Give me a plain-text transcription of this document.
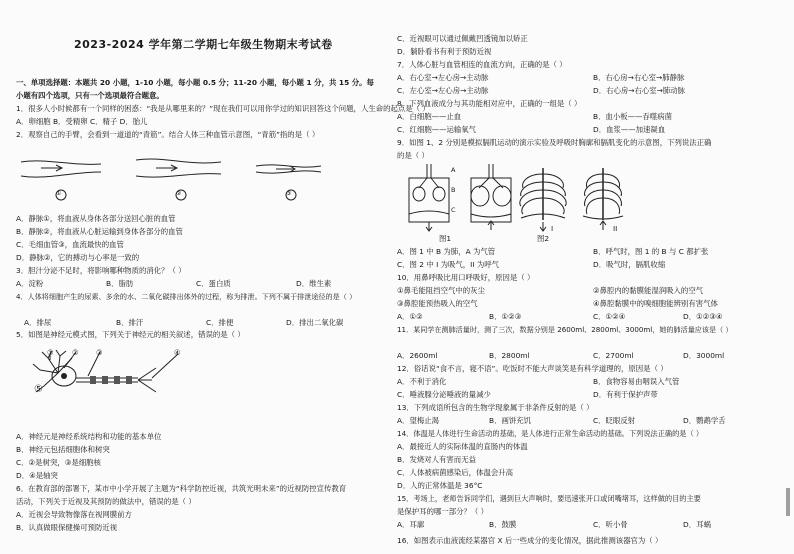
2023-2024 学年第二学期七年级生物期末考试卷
一、单项选择题：本题共 20 小题，1-10 小题，每小题 0.5 分；11-20 小题，每小题 1 分，共 15 分。每
小题有四个选项，只有一个选项最符合题意。
1．很多人小时候都有一个同样的困惑：“我是从哪里来的？”现在我们可以用你学过的知识回答这个问题，人生命的起点是（ ）
A．卵细胞 B．受精卵 C．精子 D．胎儿
2．观察自己的手臂，会看到一道道的“青筋”。结合人体三种血管示意图，“青筋”指的是（ ）
①	②	③
A．静脉①，将血液从身体各部分送回心脏的血管
B．静脉②，将血液从心脏运输到身体各部分的血管
C．毛细血管③，血流最快的血管
D．静脉②，它的搏动与心率是一致的
3．胆汁分泌不足时，将影响哪种物质的消化？（ ）
A．淀粉	B．脂肪	C．蛋白质	D．维生素
4．人体将细胞产生的尿素、多余的水、二氧化碳排出体外的过程，称为排泄。下列不属于排泄途径的是（ ）
A．排尿	B．排汗	C．排便	D．排出二氧化碳
5．如图是神经元模式图，下列关于神经元的相关叙述，错误的是（ ）
⑤
① ② ③	④
A．神经元是神经系统结构和功能的基本单位
B．神经元包括细胞体和树突
C．②是树突，③是细胞核
D．④是轴突
6．在教育部的部署下，某市中小学开展了主题为“科学防控近视，共筑光明未来”的近视防控宣传教育
活动，下列关于近视及其预防的做法中，错误的是（ ）
A．近视会导致物像落在视网膜前方
B．认真做眼保健操可预防近视
C．近视眼可以通过佩戴凹透镜加以矫正
D．躺卧看书有利于预防近视
7．人体心脏与血管相连的血流方向，正确的是（ ）
A．右心室→左心房→主动脉	B．右心房→右心室→肺静脉
C．左心室→左心房→主动脉	D．右心房→右心室→肺动脉
8．下列血液成分与其功能相对应中，正确的一组是（ ）
A．白细胞——止血	B．血小板——吞噬病菌
C．红细胞——运输氧气	D．血浆——加速凝血
9．如图 1、2 分别是模拟膈肌运动的演示实验及呼吸时胸廓和膈肌变化的示意图，下列说法正确
的是（ ）
A
B
C
图1
I	II
图2
A．图 1 中 B 为肺，A 为气管	B．呼气时，图 1 的 B 与 C 都扩张
C．图 2 中 I 为吸气，II 为呼气	D．吸气时，膈肌收缩
10．用鼻呼吸比用口呼吸好，原因是（ ）
①鼻毛能阻挡空气中的灰尘	②鼻腔内的黏膜能湿润吸入的空气
③鼻腔能预热吸入的空气	④鼻腔黏膜中的嗅细胞能辨别有害气体
A．①②	B．①②③	C．①②④	D．①②③④
11．某同学在测肺活量时，测了三次，数据分别是 2600ml、2800ml、3000ml，她的肺活量应该是（ ）
A．2600ml	B．2800ml	C．2700ml	D．3000ml
12．俗话说“食不言，寝不语”。吃饭时不能大声谈笑是有科学道理的，原因是（ ）
A．不利于消化	B．食物容易由咽误入气管
C．唾液腺分泌唾液的量减少	D．有利于保护声带
13．下列成语所包含的生物学现象属于非条件反射的是（ ）
A．望梅止渴	B．画饼充饥	C．眨眼反射	D．鹦鹉学舌
14．体温是人体进行生命活动的基础，是人体进行正常生命活动的基础。下列说法正确的是（ ）
A．最接近人的实际体温的直肠内的体温
B．发烧对人有害而无益
C．人体被病菌感染后，体温会升高
D．人的正常体温是 36°C
15．考场上，老师告诉同学们，遇到巨大声响时，要迅速张开口或闭嘴堵耳，这样做的目的主要
是保护耳的哪一部分？（ ）
A．耳廓	B．鼓膜	C．听小骨	D．耳蜗
16．如图表示血液流经某器官 X 后一些成分的变化情况，据此推测该器官为（ ）
